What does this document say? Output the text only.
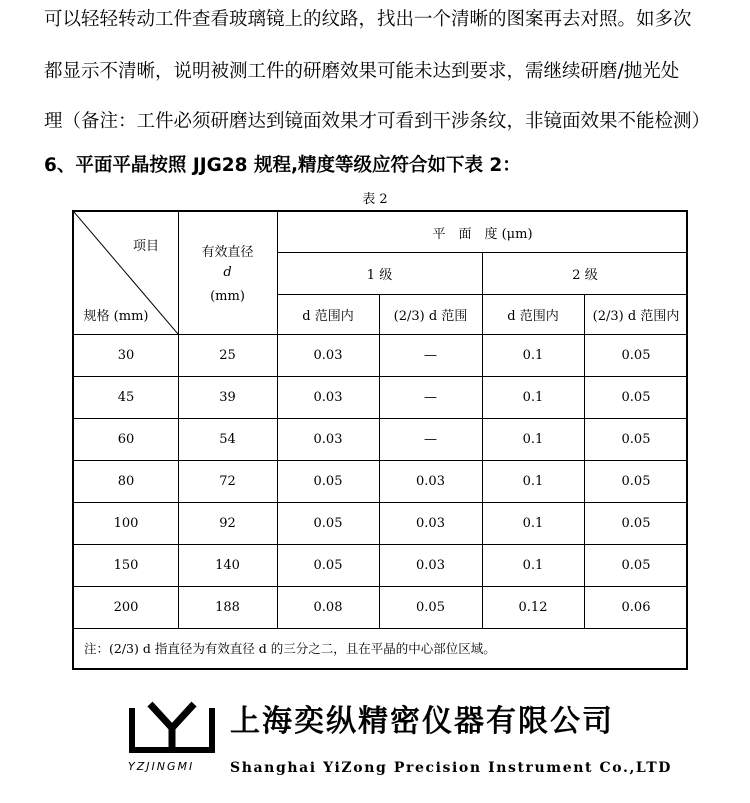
可以轻轻转动工件查看玻璃镜上的纹路，找出一个清晰的图案再去对照。如多次
都显示不清晰，说明被测工件的研磨效果可能未达到要求，需继续研磨/抛光处
理（备注：工件必须研磨达到镜面效果才可看到干涉条纹，非镜面效果不能检测）
6、平面平晶按照 JJG28 规程,精度等级应符合如下表 2：
表 2
项目
规格 (mm)
有效直径
d
(mm)
平　面　度 (μm)
1 级	2 级
d 范围内	(2/3) d 范围	d 范围内	(2/3) d 范围内
30	25	0.03	—	0.1	0.05
45	39	0.03	—	0.1	0.05
60	54	0.03	—	0.1	0.05
80	72	0.05	0.03	0.1	0.05
100	92	0.05	0.03	0.1	0.05
150	140	0.05	0.03	0.1	0.05
200	188	0.08	0.05	0.12	0.06
注：(2/3) d 指直径为有效直径 d 的三分之二，且在平晶的中心部位区域。
YZJINGMI
上海奕纵精密仪器有限公司
Shanghai YiZong Precision Instrument Co.,LTD
